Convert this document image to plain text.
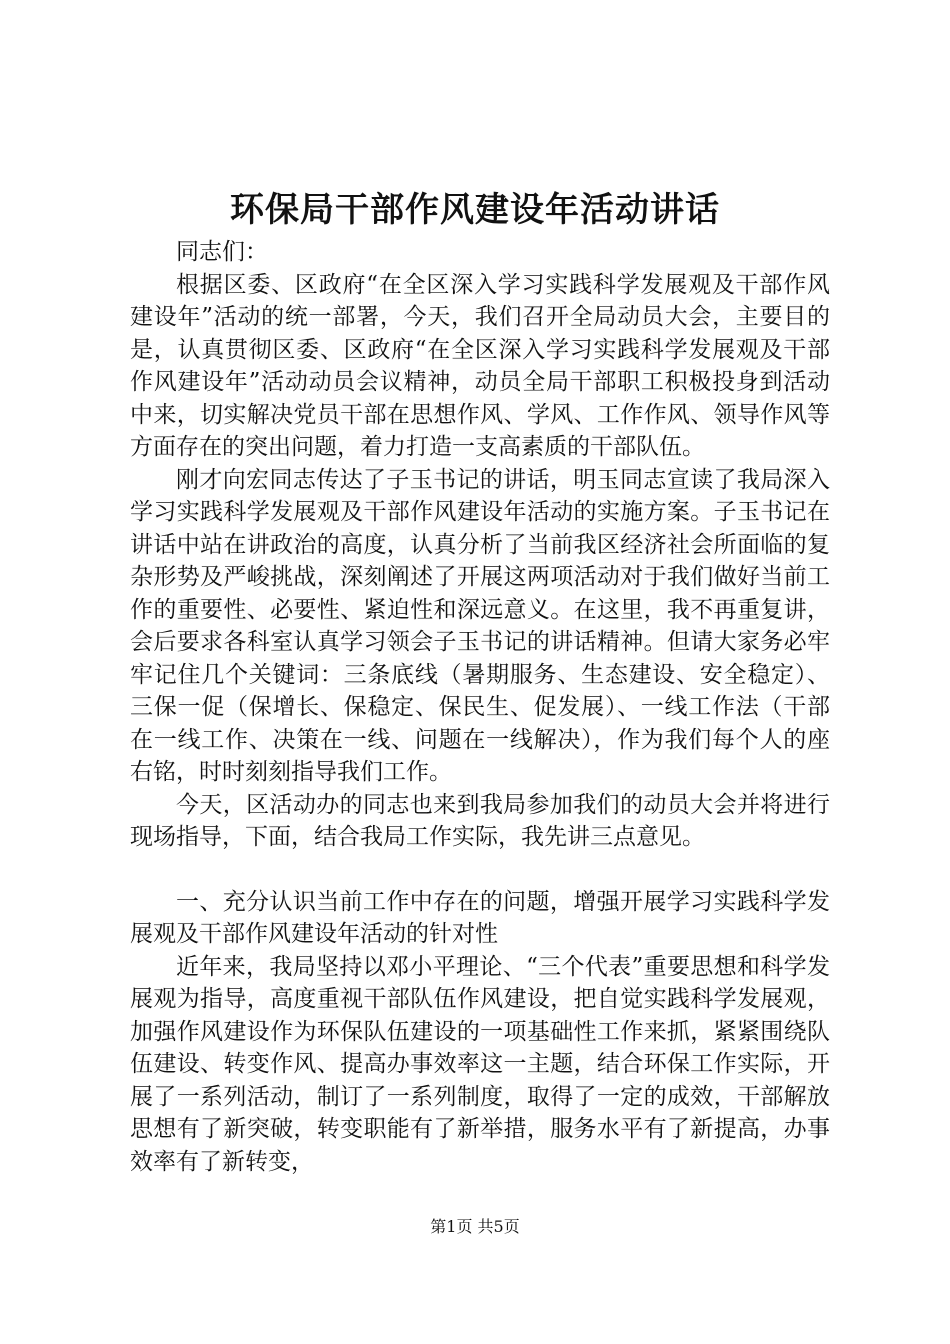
环保局干部作风建设年活动讲话

同志们：

根据区委、区政府“在全区深入学习实践科学发展观及干部作风建设年”活动的统一部署，今天，我们召开全局动员大会，主要目的是，认真贯彻区委、区政府“在全区深入学习实践科学发展观及干部作风建设年”活动动员会议精神，动员全局干部职工积极投身到活动中来，切实解决党员干部在思想作风、学风、工作作风、领导作风等方面存在的突出问题，着力打造一支高素质的干部队伍。

刚才向宏同志传达了子玉书记的讲话，明玉同志宣读了我局深入学习实践科学发展观及干部作风建设年活动的实施方案。子玉书记在讲话中站在讲政治的高度，认真分析了当前我区经济社会所面临的复杂形势及严峻挑战，深刻阐述了开展这两项活动对于我们做好当前工作的重要性、必要性、紧迫性和深远意义。在这里，我不再重复讲，会后要求各科室认真学习领会子玉书记的讲话精神。但请大家务必牢牢记住几个关键词：三条底线（暑期服务、生态建设、安全稳定）、三保一促（保增长、保稳定、保民生、促发展）、一线工作法（干部在一线工作、决策在一线、问题在一线解决），作为我们每个人的座右铭，时时刻刻指导我们工作。

今天，区活动办的同志也来到我局参加我们的动员大会并将进行现场指导，下面，结合我局工作实际，我先讲三点意见。

一、充分认识当前工作中存在的问题，增强开展学习实践科学发展观及干部作风建设年活动的针对性

近年来，我局坚持以邓小平理论、“三个代表”重要思想和科学发展观为指导，高度重视干部队伍作风建设，把自觉实践科学发展观，加强作风建设作为环保队伍建设的一项基础性工作来抓，紧紧围绕队伍建设、转变作风、提高办事效率这一主题，结合环保工作实际，开展了一系列活动，制订了一系列制度，取得了一定的成效，干部解放思想有了新突破，转变职能有了新举措，服务水平有了新提高，办事效率有了新转变，

第1页 共5页
